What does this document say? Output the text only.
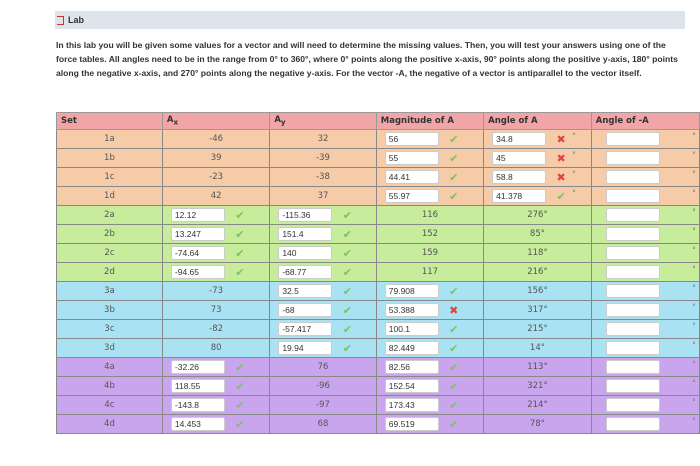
Lab
In this lab you will be given some values for a vector and will need to determine the missing values. Then, you will test your answers using one of the force tables. All angles need to be in the range from 0° to 360°, where 0° points along the positive x-axis, 90° points along the positive y-axis, 180° points along the negative x-axis, and 270° points along the negative y-axis. For the vector -A, the negative of a vector is antiparallel to the vector itself.
Set	$A_x$	$A_y$	Magnitude of A	Angle of A	Angle of -A	
1a	-46	32	56 ✔	34.8 ✖ °		°
1b	39	-39	55 ✔	45 ✖ °		°
1c	-23	-38	44.41 ✔	58.8 ✖ °		°
1d	42	37	55.97 ✔	41.378 ✔ °		°
2a	12.12 ✔	-115.36 ✔	116	276°		°
2b	13.247 ✔	151.4 ✔	152	85°		°
2c	-74.64 ✔	140 ✔	159	118°		°
2d	-94.65 ✔	-68.77 ✔	117	216°		°
3a	-73	32.5 ✔	79.908 ✔	156°		°
3b	73	-68 ✔	53.388 ✖	317°		°
3c	-82	-57.417 ✔	100.1 ✔	215°		°
3d	80	19.94 ✔	82.449 ✔	14°		°
4a	-32.26 ✔	76	82.56 ✔	113°		°
4b	118.55 ✔	-96	152.54 ✔	321°		°
4c	-143.8 ✔	-97	173.43 ✔	214°		°
4d	14.453 ✔	68	69.519 ✔	78°		°
